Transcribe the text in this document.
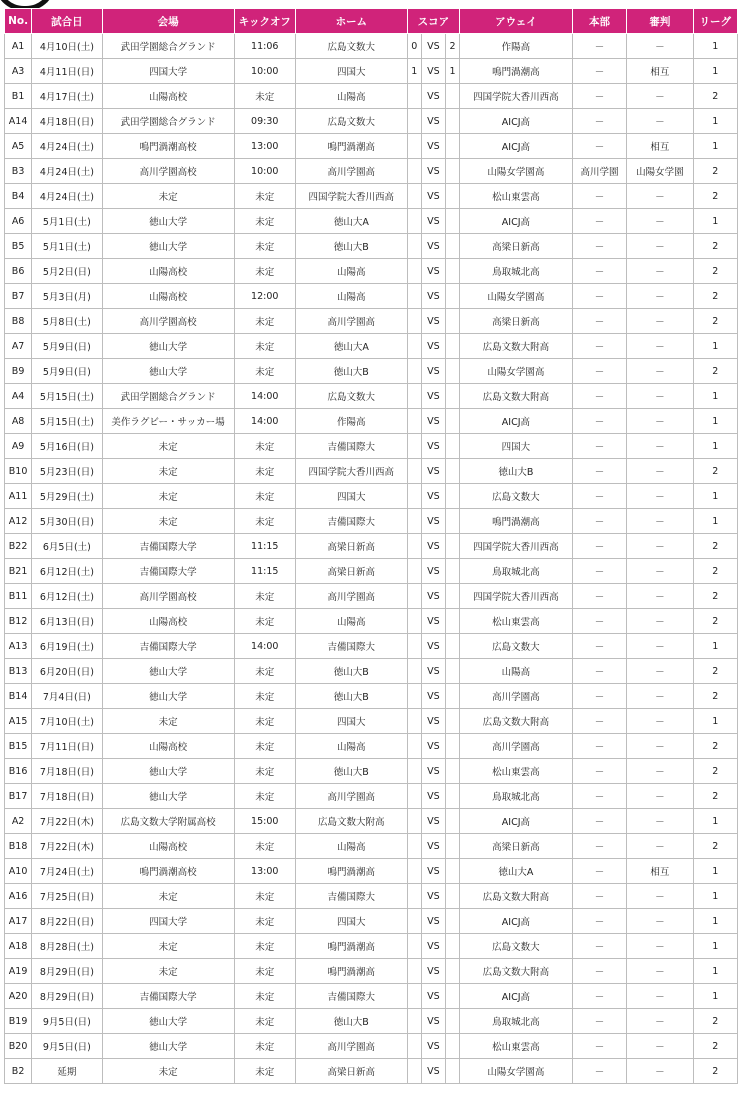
No.	試合日	会場	キックオフ	ホーム	スコア			アウェイ	本部	審判	リーグ
A1	4月10日(土)	武田学園総合グランド	11:06	広島文数大	0	VS	2	作陽高	－	－	1
A3	4月11日(日)	四国大学	10:00	四国大	1	VS	1	鳴門渦潮高	－	相互	1
B1	4月17日(土)	山陽高校	未定	山陽高		VS		四国学院大香川西高	－	－	2
A14	4月18日(日)	武田学園総合グランド	09:30	広島文数大		VS		AICJ高	－	－	1
A5	4月24日(土)	鳴門渦潮高校	13:00	鳴門渦潮高		VS		AICJ高	－	相互	1
B3	4月24日(土)	高川学園高校	10:00	高川学園高		VS		山陽女学園高	高川学園	山陽女学園	2
B4	4月24日(土)	未定	未定	四国学院大香川西高		VS		松山東雲高	－	－	2
A6	5月1日(土)	徳山大学	未定	徳山大A		VS		AICJ高	－	－	1
B5	5月1日(土)	徳山大学	未定	徳山大B		VS		高梁日新高	－	－	2
B6	5月2日(日)	山陽高校	未定	山陽高		VS		鳥取城北高	－	－	2
B7	5月3日(月)	山陽高校	12:00	山陽高		VS		山陽女学園高	－	－	2
B8	5月8日(土)	高川学園高校	未定	高川学園高		VS		高梁日新高	－	－	2
A7	5月9日(日)	徳山大学	未定	徳山大A		VS		広島文数大附高	－	－	1
B9	5月9日(日)	徳山大学	未定	徳山大B		VS		山陽女学園高	－	－	2
A4	5月15日(土)	武田学園総合グランド	14:00	広島文数大		VS		広島文数大附高	－	－	1
A8	5月15日(土)	美作ラグビー・サッカー場	14:00	作陽高		VS		AICJ高	－	－	1
A9	5月16日(日)	未定	未定	吉備国際大		VS		四国大	－	－	1
B10	5月23日(日)	未定	未定	四国学院大香川西高		VS		徳山大B	－	－	2
A11	5月29日(土)	未定	未定	四国大		VS		広島文数大	－	－	1
A12	5月30日(日)	未定	未定	吉備国際大		VS		鳴門渦潮高	－	－	1
B22	6月5日(土)	吉備国際大学	11:15	高梁日新高		VS		四国学院大香川西高	－	－	2
B21	6月12日(土)	吉備国際大学	11:15	高梁日新高		VS		鳥取城北高	－	－	2
B11	6月12日(土)	高川学園高校	未定	高川学園高		VS		四国学院大香川西高	－	－	2
B12	6月13日(日)	山陽高校	未定	山陽高		VS		松山東雲高	－	－	2
A13	6月19日(土)	吉備国際大学	14:00	吉備国際大		VS		広島文数大	－	－	1
B13	6月20日(日)	徳山大学	未定	徳山大B		VS		山陽高	－	－	2
B14	7月4日(日)	徳山大学	未定	徳山大B		VS		高川学園高	－	－	2
A15	7月10日(土)	未定	未定	四国大		VS		広島文数大附高	－	－	1
B15	7月11日(日)	山陽高校	未定	山陽高		VS		高川学園高	－	－	2
B16	7月18日(日)	徳山大学	未定	徳山大B		VS		松山東雲高	－	－	2
B17	7月18日(日)	徳山大学	未定	高川学園高		VS		鳥取城北高	－	－	2
A2	7月22日(木)	広島文数大学附属高校	15:00	広島文数大附高		VS		AICJ高	－	－	1
B18	7月22日(木)	山陽高校	未定	山陽高		VS		高梁日新高	－	－	2
A10	7月24日(土)	鳴門渦潮高校	13:00	鳴門渦潮高		VS		徳山大A	－	相互	1
A16	7月25日(日)	未定	未定	吉備国際大		VS		広島文数大附高	－	－	1
A17	8月22日(日)	四国大学	未定	四国大		VS		AICJ高	－	－	1
A18	8月28日(土)	未定	未定	鳴門渦潮高		VS		広島文数大	－	－	1
A19	8月29日(日)	未定	未定	鳴門渦潮高		VS		広島文数大附高	－	－	1
A20	8月29日(日)	吉備国際大学	未定	吉備国際大		VS		AICJ高	－	－	1
B19	9月5日(日)	徳山大学	未定	徳山大B		VS		鳥取城北高	－	－	2
B20	9月5日(日)	徳山大学	未定	高川学園高		VS		松山東雲高	－	－	2
B2	延期	未定	未定	高梁日新高		VS		山陽女学園高	－	－	2
